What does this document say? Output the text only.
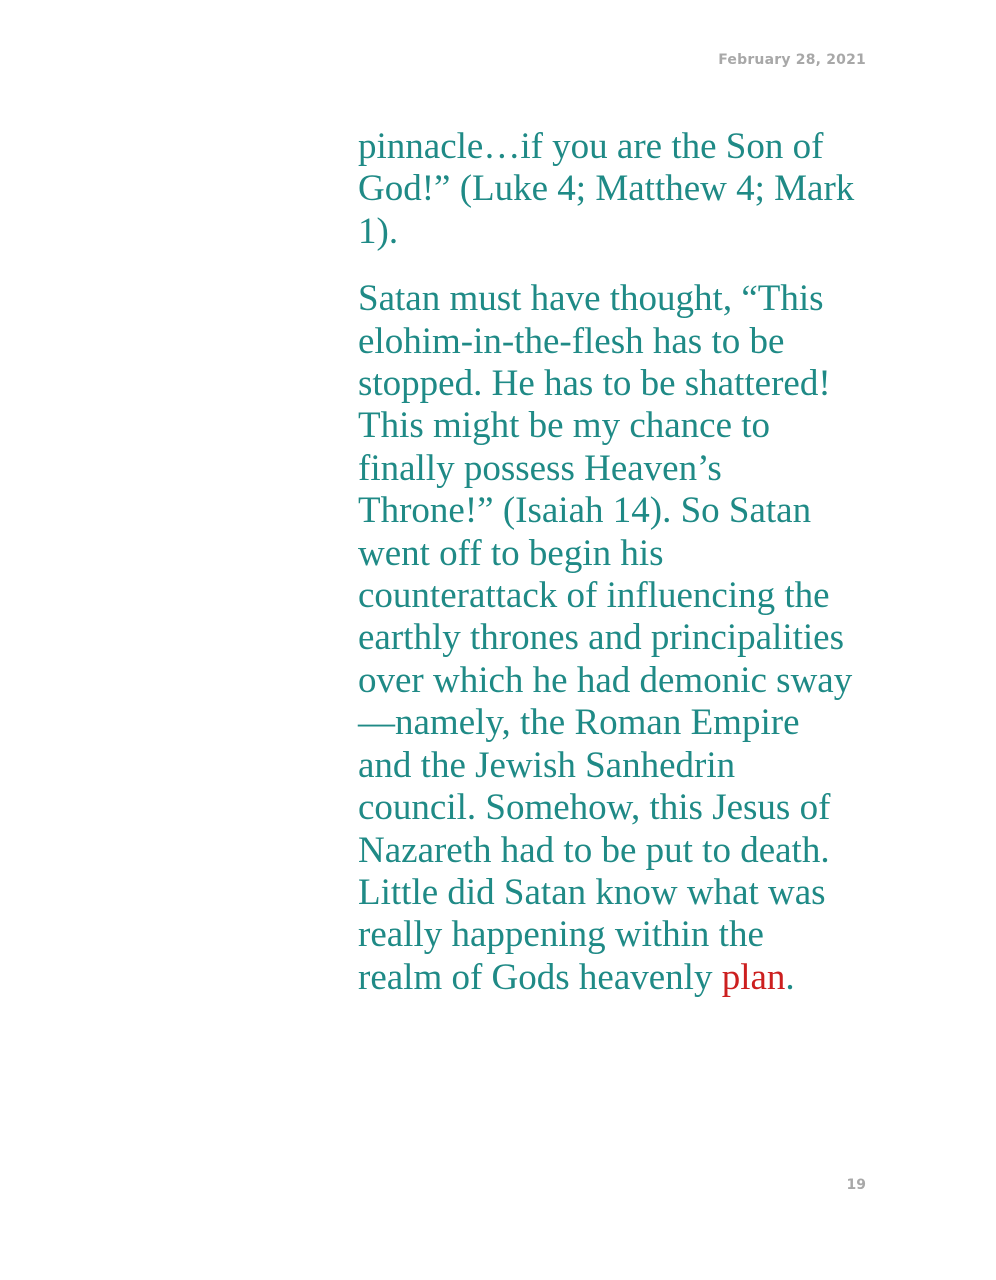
February 28, 2021

pinnacle…if you are the Son of
God!” (Luke 4; Matthew 4; Mark
1).

Satan must have thought, “This
elohim-in-the-flesh has to be
stopped. He has to be shattered!
This might be my chance to
finally possess Heaven’s
Throne!” (Isaiah 14). So Satan
went off to begin his
counterattack of influencing the
earthly thrones and principalities
over which he had demonic sway
—namely, the Roman Empire
and the Jewish Sanhedrin
council. Somehow, this Jesus of
Nazareth had to be put to death.
Little did Satan know what was
really happening within the
realm of Gods heavenly plan.

19
